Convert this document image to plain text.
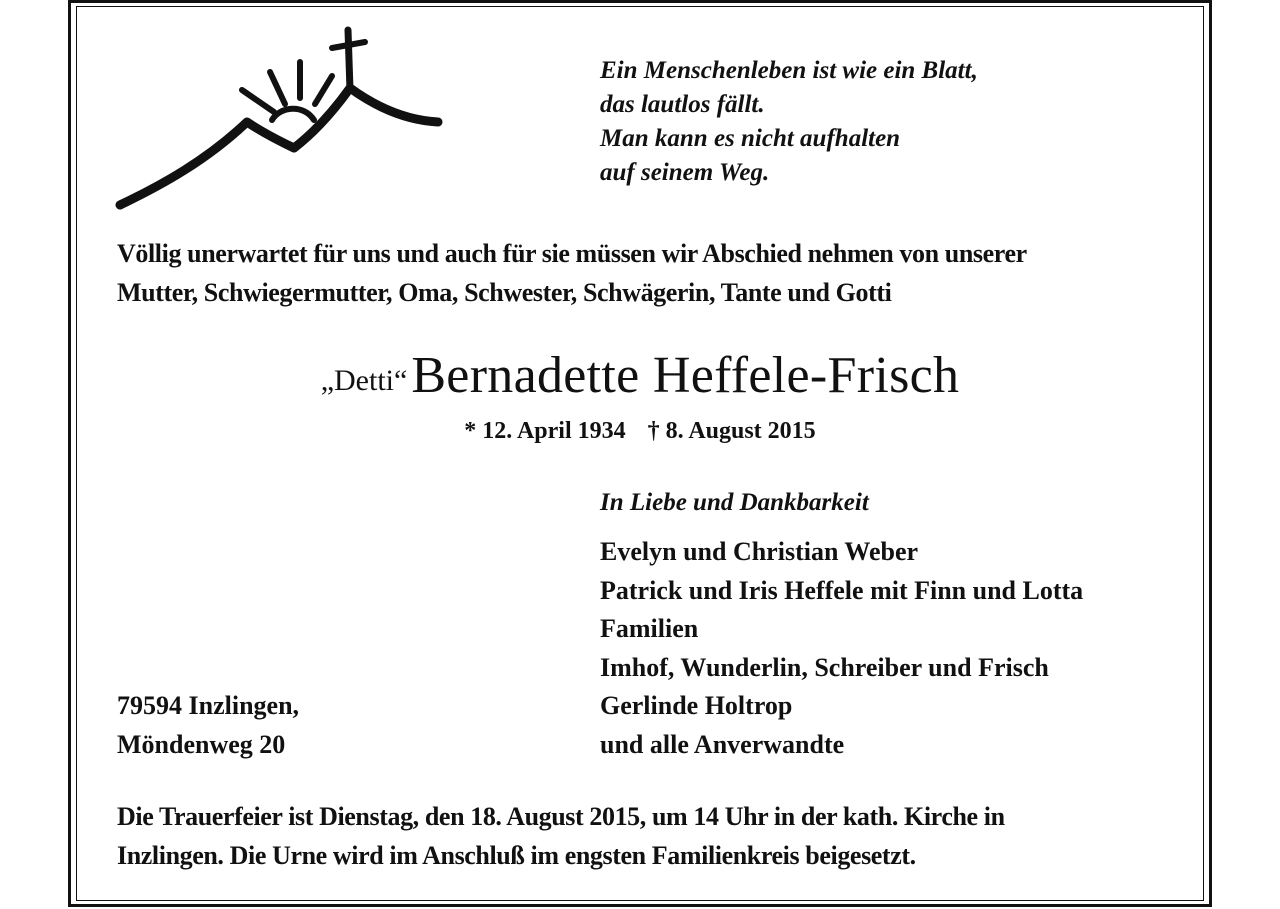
Ein Menschenleben ist wie ein Blatt,
das lautlos fällt.
Man kann es nicht aufhalten
auf seinem Weg.
Völlig unerwartet für uns und auch für sie müssen wir Abschied nehmen von unserer
Mutter, Schwiegermutter, Oma, Schwester, Schwägerin, Tante und Gotti
„Detti“ Bernadette Heffele-Frisch
* 12. April 1934 † 8. August 2015
In Liebe und Dankbarkeit
Evelyn und Christian Weber
Patrick und Iris Heffele mit Finn und Lotta
Familien
Imhof, Wunderlin, Schreiber und Frisch
Gerlinde Holtrop
und alle Anverwandte
79594 Inzlingen,
Möndenweg 20
Die Trauerfeier ist Dienstag, den 18. August 2015, um 14 Uhr in der kath. Kirche in
Inzlingen. Die Urne wird im Anschluß im engsten Familienkreis beigesetzt.
